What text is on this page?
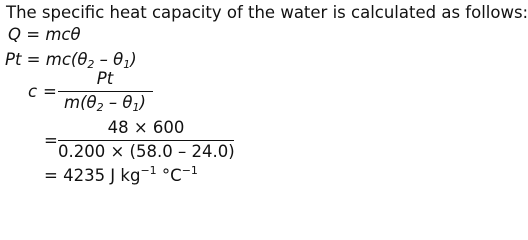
The specific heat capacity of the water is calculated as follows:
Q = mcθ
$Pt = mc(\theta_2 - \theta_1)$
c =
Pt
$m(\theta_2 - \theta_1)$
=
48 × 600
0.200 × (58.0 – 24.0)
= 4235 J $kg^{-1}$ $^\circ C^{-1}$
